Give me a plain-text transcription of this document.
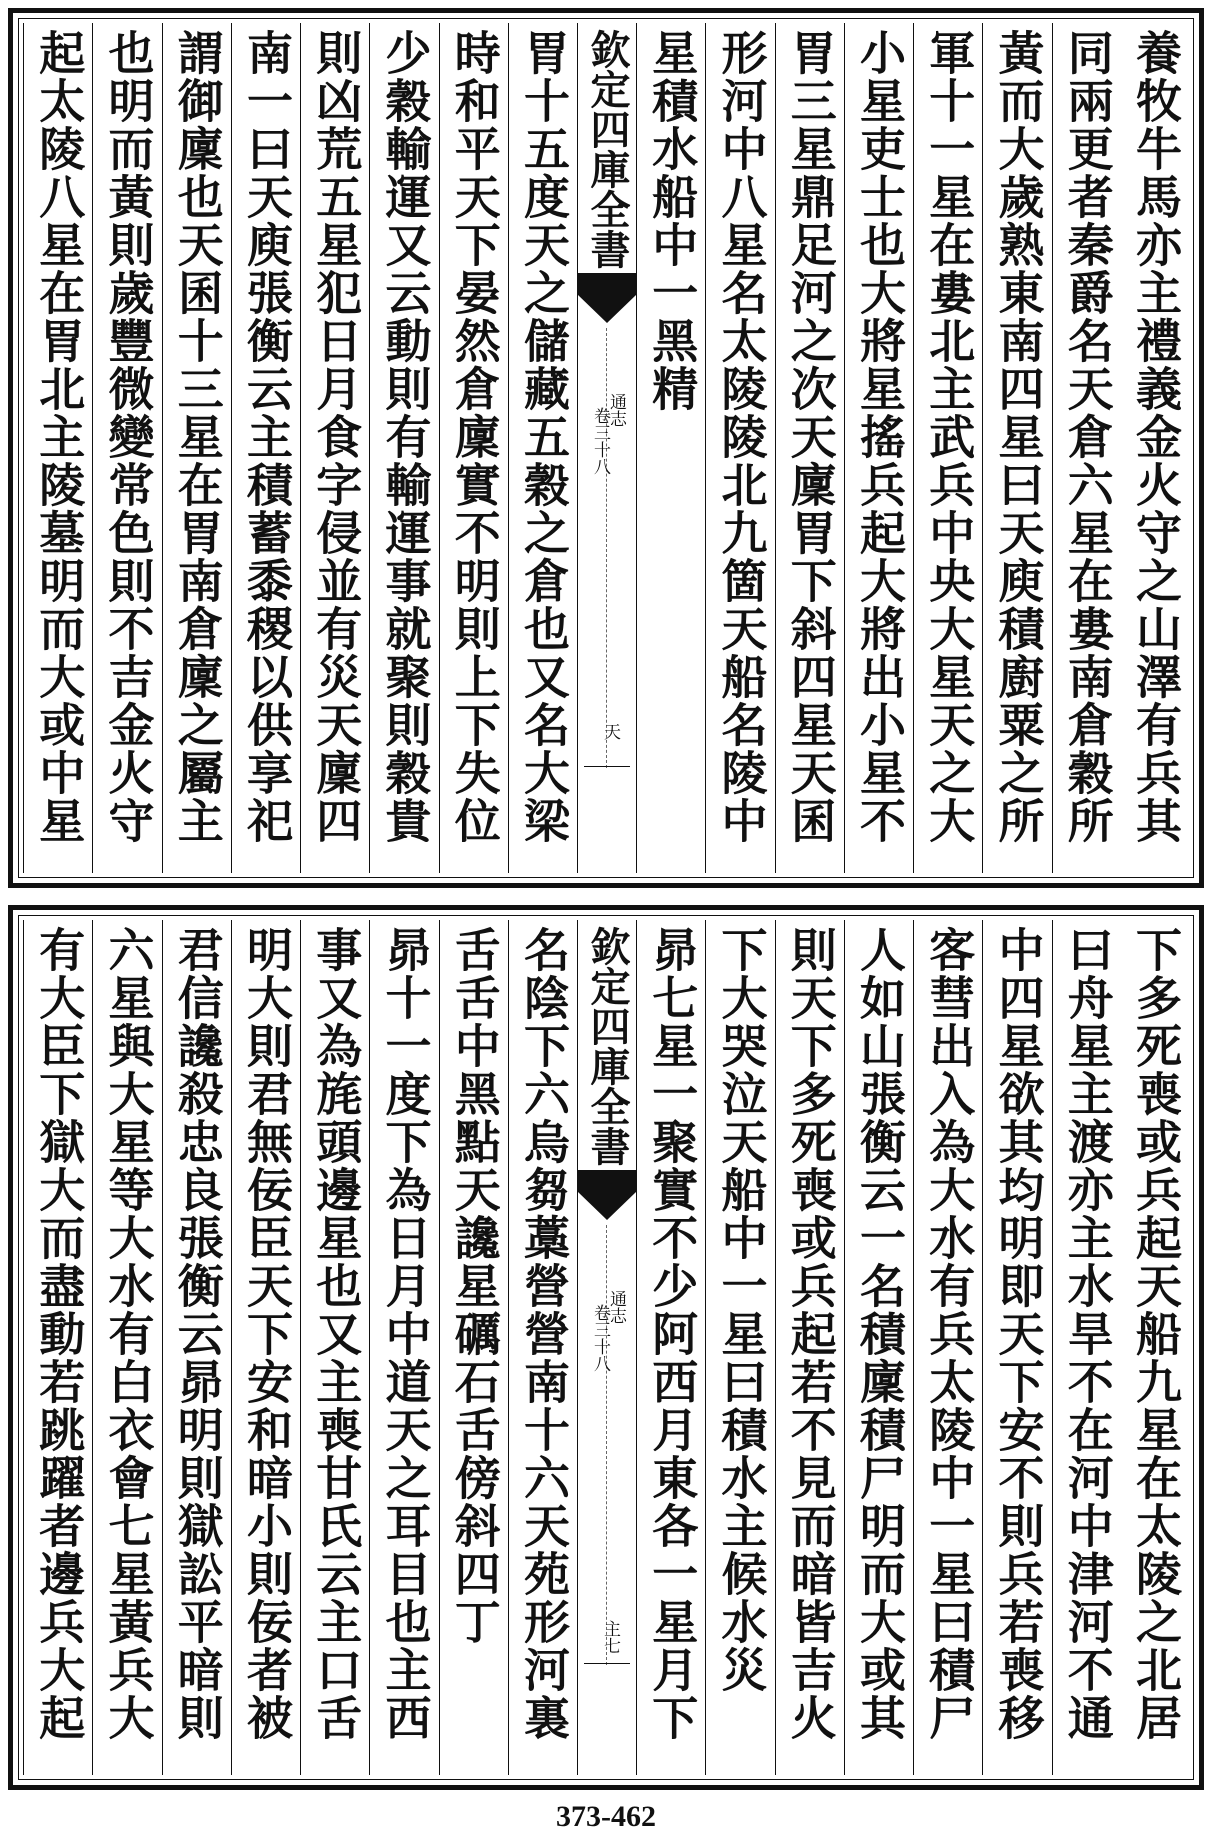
養牧牛馬亦主禮義金火守之山澤有兵其
同兩更者秦爵名天倉六星在婁南倉穀所
黃而大歲熟東南四星曰天庾積廚粟之所
軍十一星在婁北主武兵中央大星天之大
小星吏士也大將星搖兵起大將出小星不
胃三星鼎足河之次天廩胃下斜四星天囷
形河中八星名太陵陵北九箇天船名陵中
星積水船中一黑精
欽定四庫全書
通志
卷三十八
天
胃十五度天之儲藏五穀之倉也又名大梁
時和平天下晏然倉廩實不明則上下失位
少穀輸運又云動則有輸運事就聚則穀貴
則凶荒五星犯日月食字侵並有災天廩四
南一曰天庾張衡云主積蓄黍稷以供享祀
謂御廩也天囷十三星在胃南倉廩之屬主
也明而黃則歲豐微變常色則不吉金火守
起太陵八星在胃北主陵墓明而大或中星
下多死喪或兵起天船九星在太陵之北居
曰舟星主渡亦主水旱不在河中津河不通
中四星欲其均明即天下安不則兵若喪移
客彗出入為大水有兵太陵中一星曰積尸
人如山張衡云一名積廩積尸明而大或其
則天下多死喪或兵起若不見而暗皆吉火
下大哭泣天船中一星曰積水主候水災
昴七星一聚實不少阿西月東各一星月下
欽定四庫全書
通志
卷三十八
主七
名陰下六烏芻藁營營南十六天苑形河裏
舌舌中黑點天讒星礪石舌傍斜四丁
昴十一度下為日月中道天之耳目也主西
事又為旄頭邊星也又主喪甘氏云主口舌
明大則君無佞臣天下安和暗小則佞者被
君信讒殺忠良張衡云昴明則獄訟平暗則
六星與大星等大水有白衣會七星黃兵大
有大臣下獄大而盡動若跳躍者邊兵大起
373-462
